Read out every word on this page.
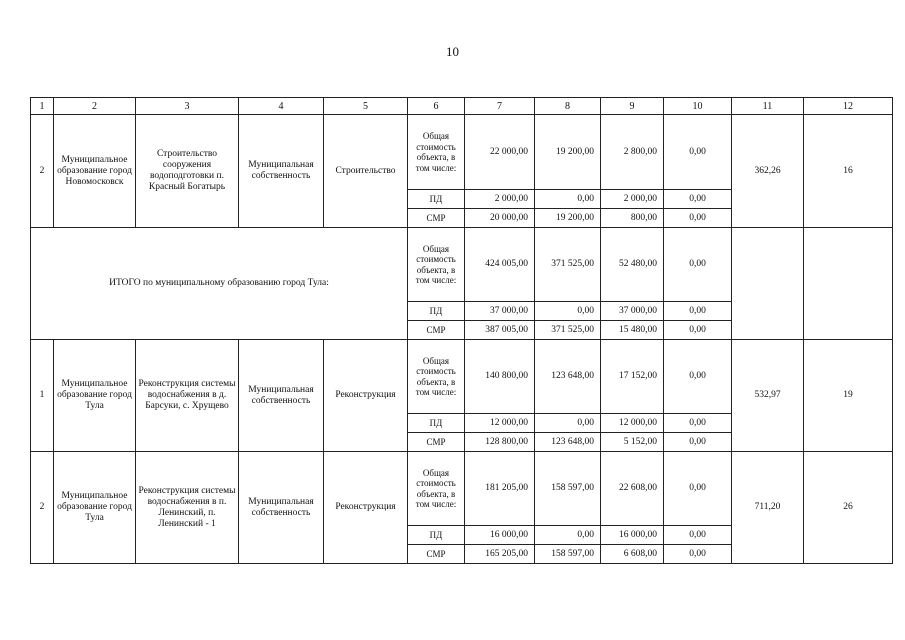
10
1	2	3	4	5	6	7	8	9	10	11	12
2	Муниципальное образование город Новомосковск	Строительство сооружения водоподготовки п. Красный Богатырь	Муниципальная собственность	Строительство	Общая стоимость объекта, в том числе:	22 000,00	19 200,00	2 800,00	0,00	362,26	16
					ПД	2 000,00	0,00	2 000,00	0,00		
					СМР	20 000,00	19 200,00	800,00	0,00		
ИТОГО по муниципальному образованию город Тула:					Общая стоимость объекта, в том числе:	424 005,00	371 525,00	52 480,00	0,00		
					ПД	37 000,00	0,00	37 000,00	0,00		
					СМР	387 005,00	371 525,00	15 480,00	0,00		
1	Муниципальное образование город Тула	Реконструкция системы водоснабжения в д. Барсуки, с. Хрущево	Муниципальная собственность	Реконструкция	Общая стоимость объекта, в том числе:	140 800,00	123 648,00	17 152,00	0,00	532,97	19
					ПД	12 000,00	0,00	12 000,00	0,00		
					СМР	128 800,00	123 648,00	5 152,00	0,00		
2	Муниципальное образование город Тула	Реконструкция системы водоснабжения в п. Ленинский, п. Ленинский - 1	Муниципальная собственность	Реконструкция	Общая стоимость объекта, в том числе:	181 205,00	158 597,00	22 608,00	0,00	711,20	26
					ПД	16 000,00	0,00	16 000,00	0,00		
					СМР	165 205,00	158 597,00	6 608,00	0,00		
